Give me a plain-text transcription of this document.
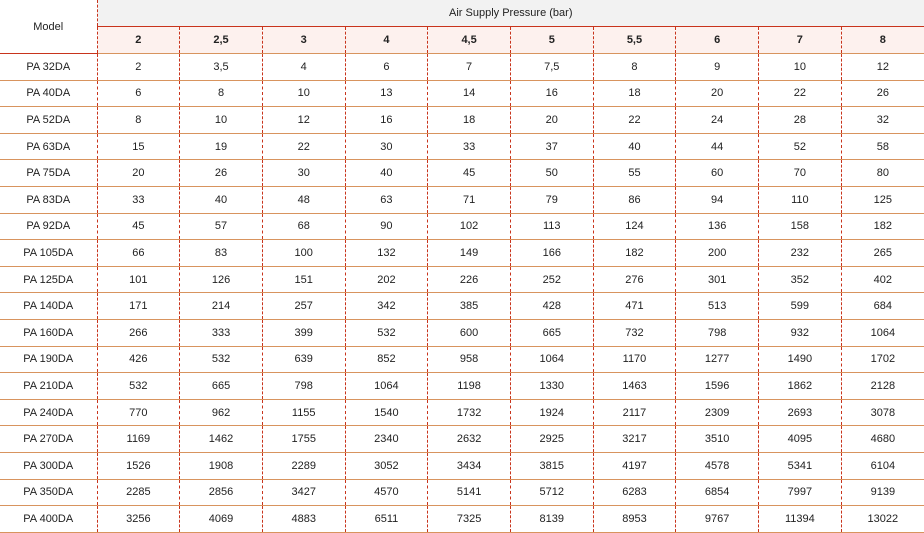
Model	Air Supply Pressure (bar)									
	2	2,5	3	4	4,5	5	5,5	6	7	8
PA 32DA	2	3,5	4	6	7	7,5	8	9	10	12
PA 40DA	6	8	10	13	14	16	18	20	22	26
PA 52DA	8	10	12	16	18	20	22	24	28	32
PA 63DA	15	19	22	30	33	37	40	44	52	58
PA 75DA	20	26	30	40	45	50	55	60	70	80
PA 83DA	33	40	48	63	71	79	86	94	110	125
PA 92DA	45	57	68	90	102	113	124	136	158	182
PA 105DA	66	83	100	132	149	166	182	200	232	265
PA 125DA	101	126	151	202	226	252	276	301	352	402
PA 140DA	171	214	257	342	385	428	471	513	599	684
PA 160DA	266	333	399	532	600	665	732	798	932	1064
PA 190DA	426	532	639	852	958	1064	1170	1277	1490	1702
PA 210DA	532	665	798	1064	1198	1330	1463	1596	1862	2128
PA 240DA	770	962	1155	1540	1732	1924	2117	2309	2693	3078
PA 270DA	1169	1462	1755	2340	2632	2925	3217	3510	4095	4680
PA 300DA	1526	1908	2289	3052	3434	3815	4197	4578	5341	6104
PA 350DA	2285	2856	3427	4570	5141	5712	6283	6854	7997	9139
PA 400DA	3256	4069	4883	6511	7325	8139	8953	9767	11394	13022
